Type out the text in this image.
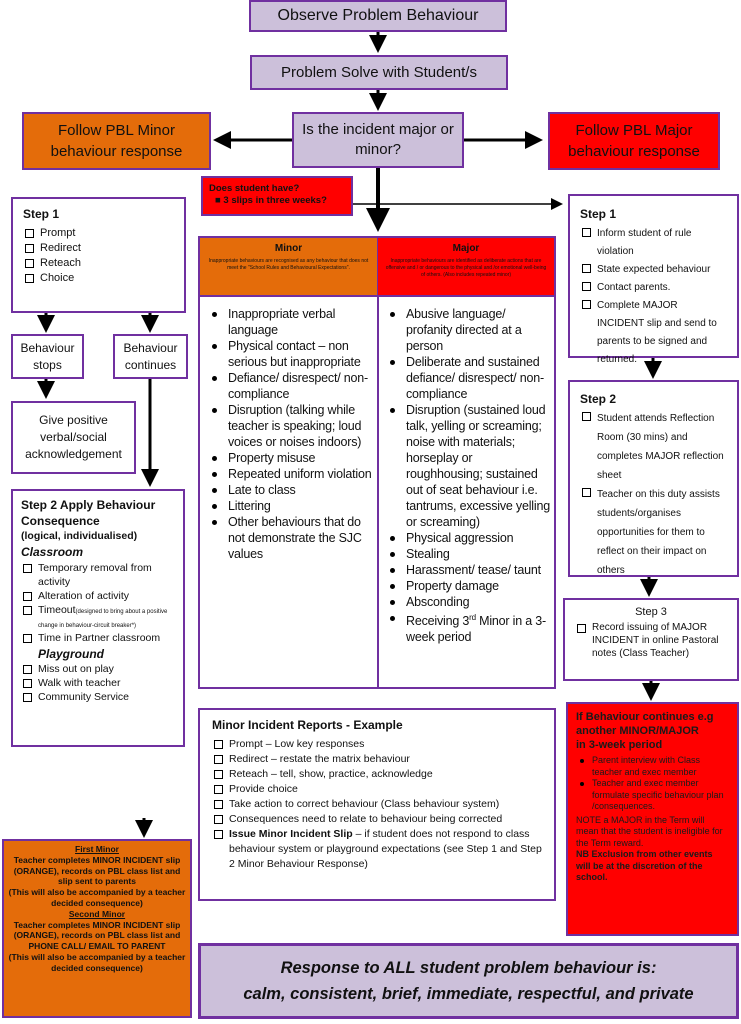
Observe Problem Behaviour
Problem Solve with Student/s
Is the incident major or minor?
Follow PBL Minor behaviour response
Follow PBL Major behaviour response
Does student have?
■ 3 slips in three weeks?
Step 1
Prompt
Redirect
Reteach
Choice
Behaviour stops
Behaviour continues
Give positive verbal/social acknowledgement
Step 2 Apply Behaviour Consequence
(logical, individualised)
Classroom
Temporary removal from activity
Alteration of activity
Timeout(designed to bring about a positive change in behaviour-circuit breaker*)
Time in Partner classroom
Playground
Miss out on play
Walk with teacher
Community Service
Minor
Inappropriate behaviours are recognised as any behaviour that does not meet the "School Rules and Behavioural Expectations".
Major
Inappropriate behaviours are identified as deliberate actions that are offensive and / or dangerous to the physical and /or emotional well-being of others. (Also includes repeated minor)
Inappropriate verbal language
Physical contact – non serious but inappropriate
Defiance/ disrespect/ non-compliance
Disruption (talking while teacher is speaking; loud voices or noises indoors)
Property misuse
Repeated uniform violation
Late to class
Littering
Other behaviours that do not demonstrate the SJC values
Abusive language/ profanity directed at a person
Deliberate and sustained defiance/ disrespect/ non-compliance
Disruption (sustained loud talk, yelling or screaming; noise with materials; horseplay or roughhousing; sustained out of seat behaviour i.e. tantrums, excessive yelling or screaming)
Physical aggression
Stealing
Harassment/ tease/ taunt
Property damage
Absconding
Receiving 3rd Minor in a 3-week period
Step 1
Inform student of rule violation
State expected behaviour
Contact parents.
Complete MAJOR INCIDENT slip and send to parents to be signed and returned.
Step 2
Student attends Reflection Room (30 mins) and completes MAJOR reflection sheet
Teacher on this duty assists students/organises opportunities for them to reflect on their impact on others
Step 3
Record issuing of MAJOR INCIDENT in online Pastoral notes (Class Teacher)
If Behaviour continues e.g
another MINOR/MAJOR
in 3-week period
Parent interview with Class teacher and exec member
Teacher and exec member formulate specific behaviour plan /consequences.
NOTE a MAJOR in the Term will mean that the student is ineligible for the Term reward.
NB Exclusion from other events will be at the discretion of the school.
Minor Incident Reports - Example
Prompt – Low key responses
Redirect – restate the matrix behaviour
Reteach – tell, show, practice, acknowledge
Provide choice
Take action to correct behaviour (Class behaviour system)
Consequences need to relate to behaviour being corrected
Issue Minor Incident Slip – if student does not respond to class behaviour system or playground expectations (see Step 1 and Step 2 Minor Behaviour Response)
First Minor
Teacher completes MINOR INCIDENT slip (ORANGE), records on PBL class list and slip sent to parents
(This will also be accompanied by a teacher decided consequence)
Second Minor
Teacher completes MINOR INCIDENT slip (ORANGE), records on PBL class list and PHONE CALL/ EMAIL TO PARENT
(This will also be accompanied by a teacher decided consequence)	Response to ALL student problem behaviour is:
calm, consistent, brief, immediate, respectful, and private
